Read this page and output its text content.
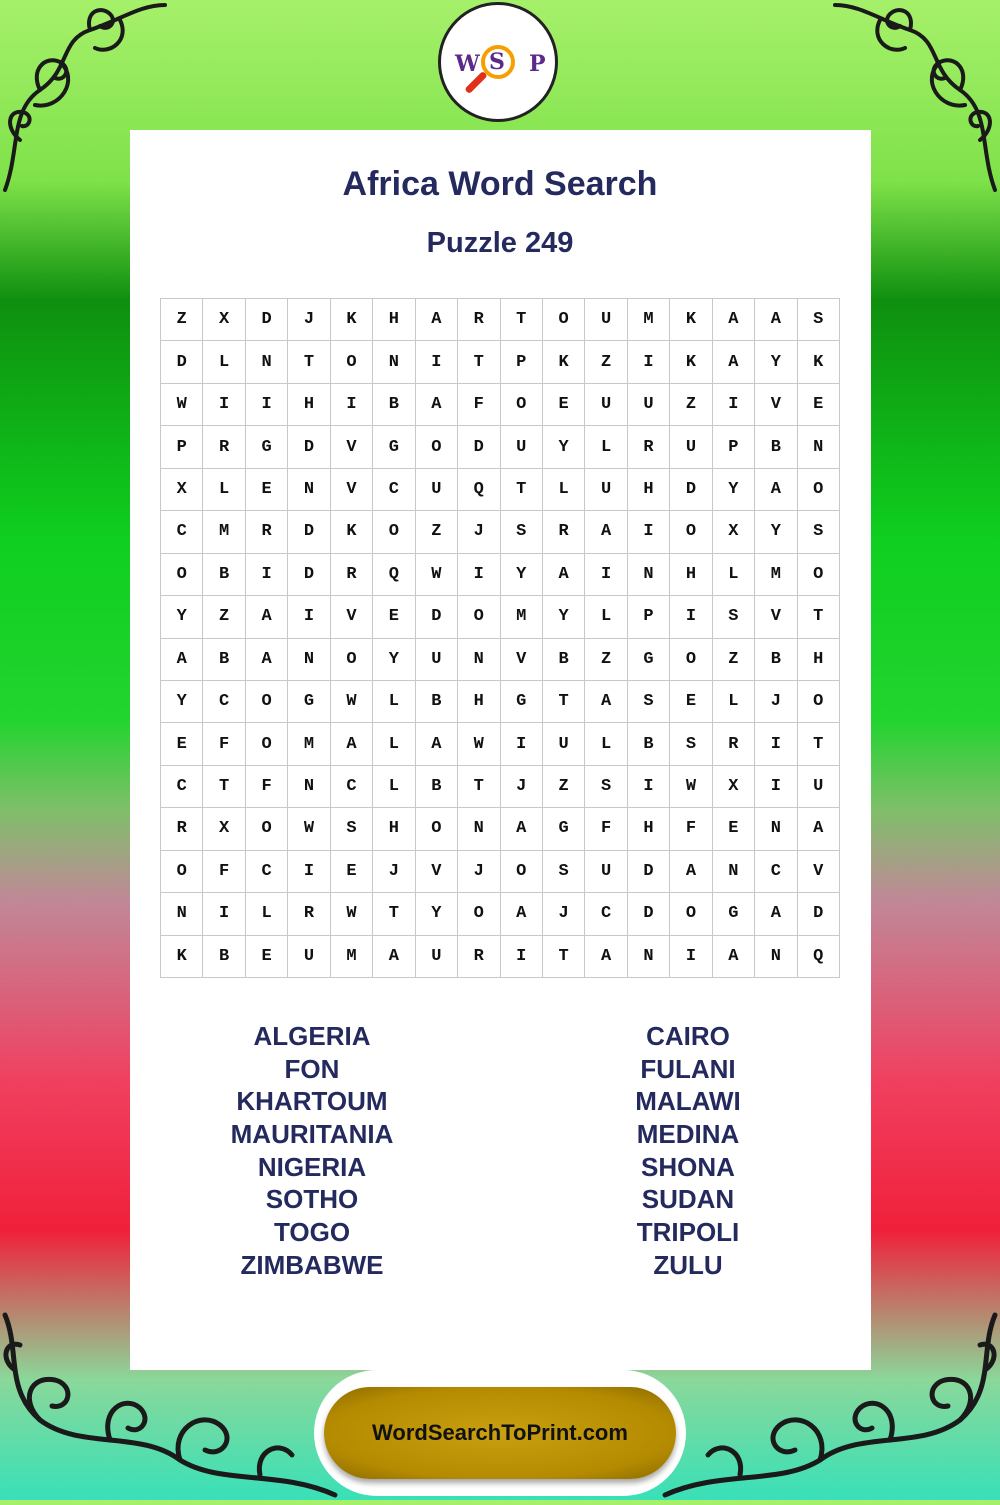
W S P
Africa Word Search
Puzzle 249
Z	X	D	J	K	H	A	R	T	O	U	M	K	A	A	S
D	L	N	T	O	N	I	T	P	K	Z	I	K	A	Y	K
W	I	I	H	I	B	A	F	O	E	U	U	Z	I	V	E
P	R	G	D	V	G	O	D	U	Y	L	R	U	P	B	N
X	L	E	N	V	C	U	Q	T	L	U	H	D	Y	A	O
C	M	R	D	K	O	Z	J	S	R	A	I	O	X	Y	S
O	B	I	D	R	Q	W	I	Y	A	I	N	H	L	M	O
Y	Z	A	I	V	E	D	O	M	Y	L	P	I	S	V	T
A	B	A	N	O	Y	U	N	V	B	Z	G	O	Z	B	H
Y	C	O	G	W	L	B	H	G	T	A	S	E	L	J	O
E	F	O	M	A	L	A	W	I	U	L	B	S	R	I	T
C	T	F	N	C	L	B	T	J	Z	S	I	W	X	I	U
R	X	O	W	S	H	O	N	A	G	F	H	F	E	N	A
O	F	C	I	E	J	V	J	O	S	U	D	A	N	C	V
N	I	L	R	W	T	Y	O	A	J	C	D	O	G	A	D
K	B	E	U	M	A	U	R	I	T	A	N	I	A	N	Q
ALGERIA
FON
KHARTOUM
MAURITANIA
NIGERIA
SOTHO
TOGO
ZIMBABWE
CAIRO
FULANI
MALAWI
MEDINA
SHONA
SUDAN
TRIPOLI
ZULU
WordSearchToPrint.com
